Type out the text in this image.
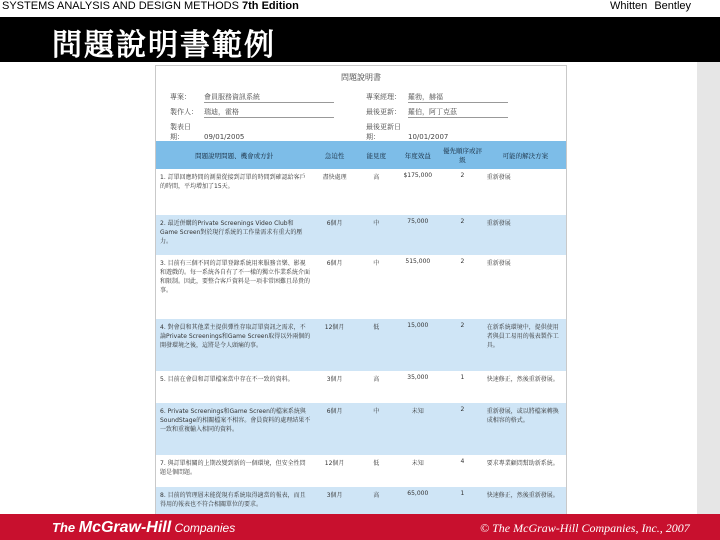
SYSTEMS ANALYSIS AND DESIGN METHODS 7th Edition	Whitten Bentley
問題說明書範例
問題說明書
專案： 會員服務資訊系統
製作人： 瑞迪，霍格
製表日期：	09/01/2005
專案經理： 羅勃，赫福
最後更新： 羅伯，阿丁克茲
最後更新日期：	10/01/2007
問題說明問題、機會或方針	急迫性	能見度	年度效益	優先順序或評級	可能的解決方案
1. 訂單回應時間的測量從接到訂單的時間到確認給客戶的時間，平均增加了15天。	盡快處理	高	$175,000	2	重新發展
2. 最近併購的Private Screenings Video Club和Game Screen對於現行系統的工作量需求有重大的壓力。	6個月	中	75,000	2	重新發展
3. 目前有三個不同的訂單登錄系統用來服務音樂、影視和遊戲的。每一系統各自有了不一樣的獨立作業系統介面和限制。因此，要整合客戶資料是一項非常困難且昂貴的事。	6個月	中	515,000	2	重新發展
4. 對會員和其他業主提供彈性存取訂單資訊之需求，不論Private Screenings和Game Screen取得以外兩個的開發環境之後，這將是令人頭痛的事。	12個月	低	15,000	2	在新系統環境中，提供使用者與員工易用的報表製作工具。
5. 目前在會員和訂單檔案當中存在不一致的資料。	3個月	高	35,000	1	快速修正，然後重新發展。
6. Private Screenings和Game Screen的檔案系統與SoundStage的相關檔案不相容。會員資料的處理結果不一致和重複輸入相同的資料。	6個月	中	未知	2	重新發展，或以將檔案轉換成相容的格式。
7. 與訂單相關的上期改變到新的一個環境，但安全性問題是個問題。	12個月	低	未知	4	要求專業顧問幫助新系統。
8. 目前的管理層未能從現有系統取得適當的報表，而且得用的報表也不符合相關單位的要求。	3個月	高	65,000	1	快速修正，然後重新發展。
The McGraw-Hill Companies	© The McGraw-Hill Companies, Inc., 2007
